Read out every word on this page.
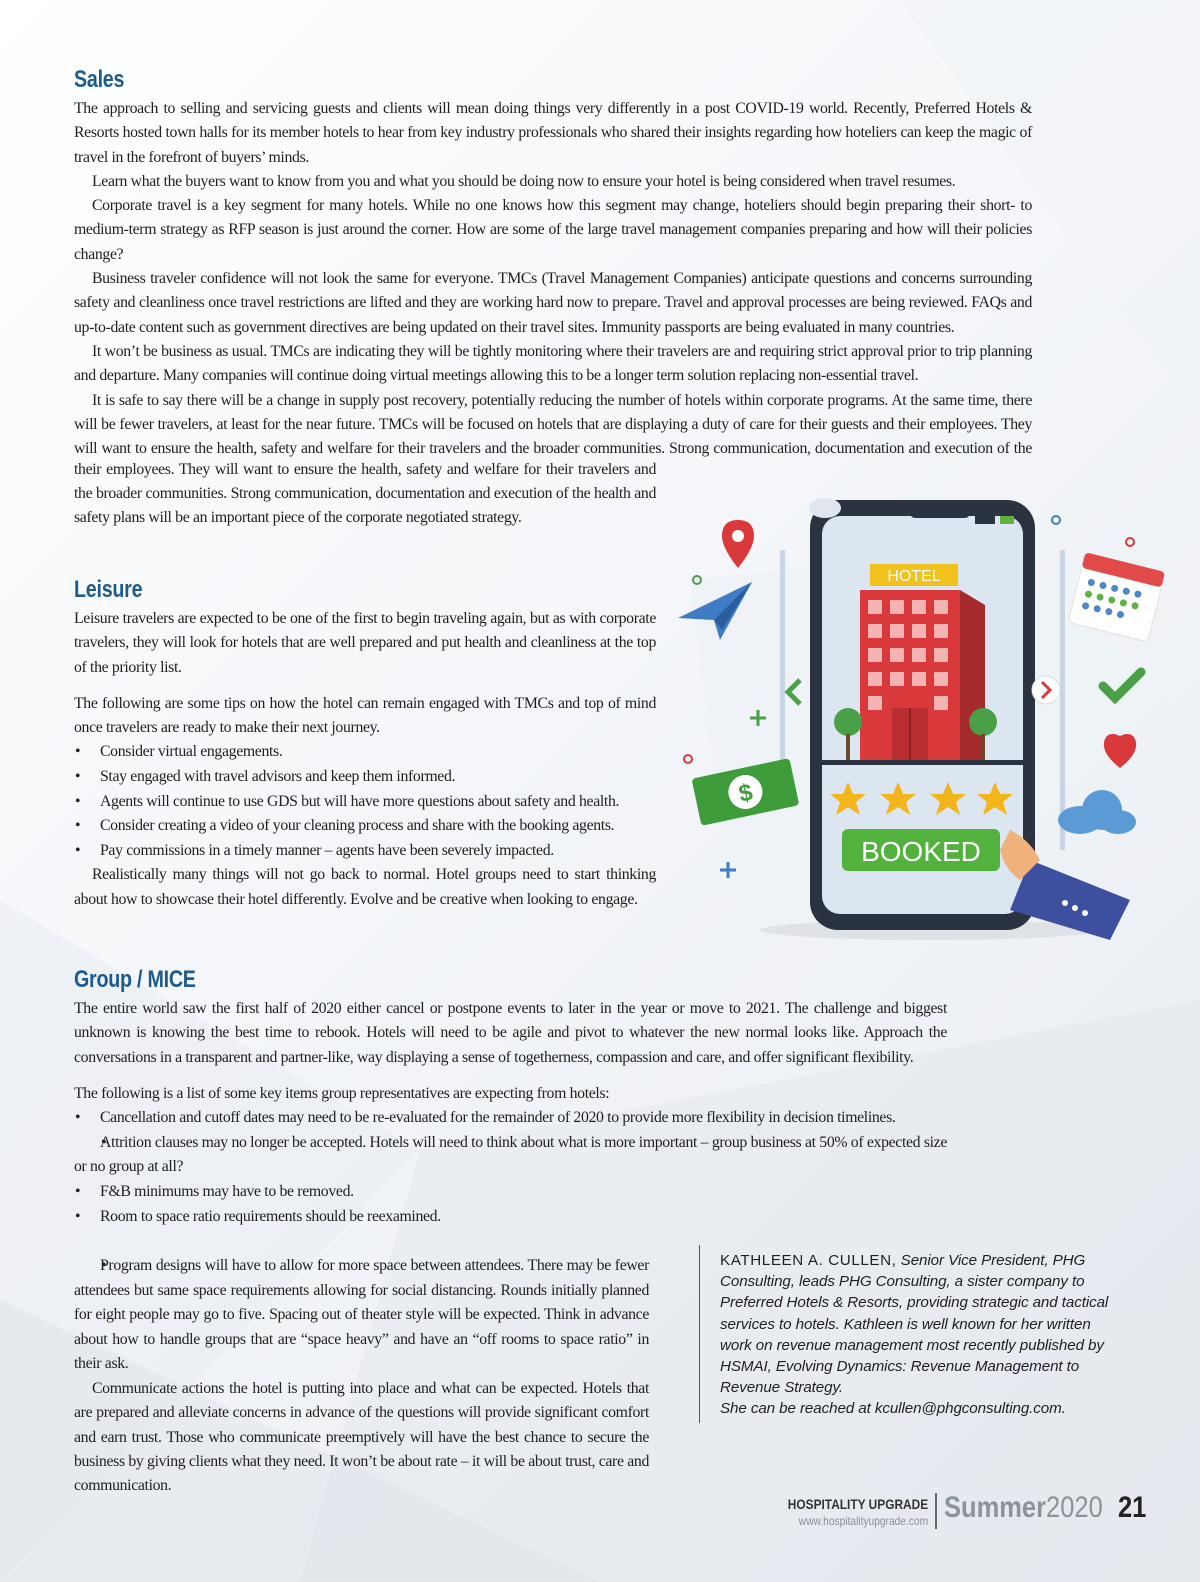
Sales

The approach to selling and servicing guests and clients will mean doing things very differently in a post COVID-19 world. Recently, Preferred Hotels & Resorts hosted town halls for its member hotels to hear from key industry professionals who shared their insights regarding how hoteliers can keep the magic of travel in the forefront of buyers’ minds.

Learn what the buyers want to know from you and what you should be doing now to ensure your hotel is being considered when travel resumes.

Corporate travel is a key segment for many hotels. While no one knows how this segment may change, hoteliers should begin preparing their short- to medium-term strategy as RFP season is just around the corner. How are some of the large travel management companies preparing and how will their policies change?

Business traveler confidence will not look the same for everyone. TMCs (Travel Management Companies) anticipate questions and concerns surrounding safety and cleanliness once travel restrictions are lifted and they are working hard now to prepare. Travel and approval processes are being reviewed. FAQs and up-to-date content such as government directives are being updated on their travel sites. Immunity passports are being evaluated in many countries.

It won’t be business as usual. TMCs are indicating they will be tightly monitoring where their travelers are and requiring strict approval prior to trip planning and departure. Many companies will continue doing virtual meetings allowing this to be a longer term solution replacing non-essential travel.

It is safe to say there will be a change in supply post recovery, potentially reducing the number of hotels within corporate programs. At the same time, there will be fewer travelers, at least for the near future. TMCs will be focused on hotels that are displaying a duty of care for their guests and their employees. They will want to ensure the health, safety and welfare for their travelers and the broader communities. Strong communication, documentation and execution of the

their employees. They will want to ensure the health, safety and welfare for their travelers and the broader communities. Strong communication, documentation and execution of the health and safety plans will be an important piece of the corporate negotiated strategy.

Leisure

Leisure travelers are expected to be one of the first to begin traveling again, but as with corporate travelers, they will look for hotels that are well prepared and put health and cleanliness at the top of the priority list.

The following are some tips on how the hotel can remain engaged with TMCs and top of mind once travelers are ready to make their next journey.

• Consider virtual engagements.
• Stay engaged with travel advisors and keep them informed.
• Agents will continue to use GDS but will have more questions about safety and health.
• Consider creating a video of your cleaning process and share with the booking agents.
• Pay commissions in a timely manner – agents have been severely impacted.

Realistically many things will not go back to normal. Hotel groups need to start thinking about how to showcase their hotel differently. Evolve and be creative when looking to engage.

HOTEL
BOOKED
$
Group / MICE

The entire world saw the first half of 2020 either cancel or postpone events to later in the year or move to 2021. The challenge and biggest unknown is knowing the best time to rebook. Hotels will need to be agile and pivot to whatever the new normal looks like. Approach the conversations in a transparent and partner-like, way displaying a sense of togetherness, compassion and care, and offer significant flexibility.

The following is a list of some key items group representatives are expecting from hotels:

• Cancellation and cutoff dates may need to be re-evaluated for the remainder of 2020 to provide more flexibility in decision timelines.
• Attrition clauses may no longer be accepted. Hotels will need to think about what is more important – group business at 50% of expected size or no group at all?
• F&B minimums may have to be removed.
• Room to space ratio requirements should be reexamined.
• Program designs will have to allow for more space between attendees. There may be fewer attendees but same space requirements allowing for social distancing. Rounds initially planned for eight people may go to five. Spacing out of theater style will be expected. Think in advance about how to handle groups that are “space heavy” and have an “off rooms to space ratio” in their ask.

Communicate actions the hotel is putting into place and what can be expected. Hotels that are prepared and alleviate concerns in advance of the questions will provide significant comfort and earn trust. Those who communicate preemptively will have the best chance to secure the business by giving clients what they need. It won’t be about rate – it will be about trust, care and communication.

KATHLEEN A. CULLEN, Senior Vice President, PHG Consulting, leads PHG Consulting, a sister company to Preferred Hotels & Resorts, providing strategic and tactical services to hotels. Kathleen is well known for her written work on revenue management most recently published by HSMAI, Evolving Dynamics: Revenue Management to Revenue Strategy.
She can be reached at kcullen@phgconsulting.com.
HOSPITALITY UPGRADE
www.hospitalityupgrade.com Summer2020 21
